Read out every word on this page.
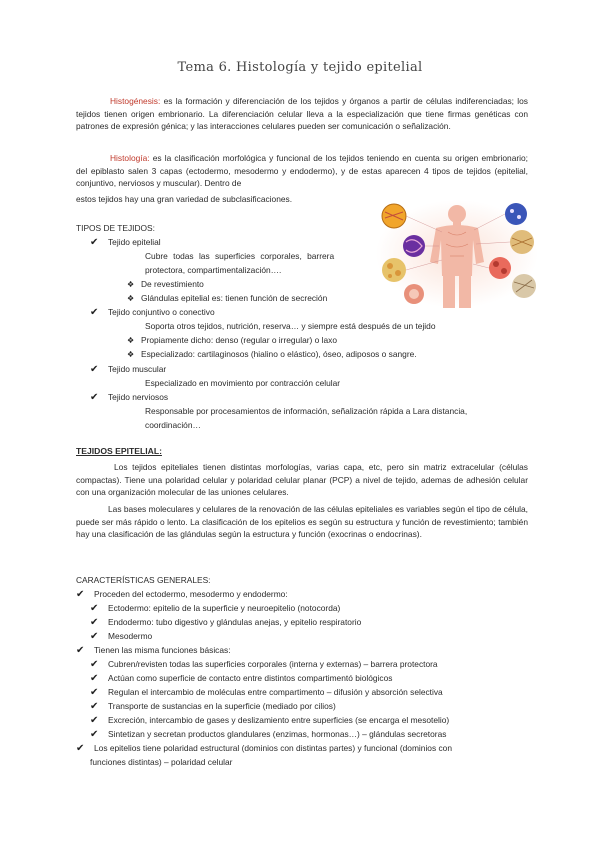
Tema 6. Histología y tejido epitelial
Histogénesis: es la formación y diferenciación de los tejidos y órganos a partir de células indiferenciadas; los tejidos tienen origen embrionario. La diferenciación celular lleva a la especialización que tiene firmas genéticas con patrones de expresión génica; y las interacciones celulares pueden ser comunicación o señalización.
Histología: es la clasificación morfológica y funcional de los tejidos teniendo en cuenta su origen embrionario; del epiblasto salen 3 capas (ectodermo, mesodermo y endodermo), y de estas aparecen 4 tipos de tejidos (epitelial, conjuntivo, nerviosos y muscular). Dentro de
estos tejidos hay una gran variedad de subclasificaciones.
TIPOS DE TEJIDOS:
✔ Tejido epitelial
Cubre todas las superficies corporales, barrera
protectora, compartimentalización….
❖ De revestimiento
❖ Glándulas epitelial es: tienen función de secreción
✔ Tejido conjuntivo o conectivo
Soporta otros tejidos, nutrición, reserva… y siempre está después de un tejido
❖ Propiamente dicho: denso (regular o irregular) o laxo
❖ Especializado: cartilaginosos (hialino o elástico), óseo, adiposos o sangre.
✔ Tejido muscular
Especializado en movimiento por contracción celular
✔ Tejido nerviosos
Responsable por procesamientos de información, señalización rápida a Lara distancia,
coordinación…
TEJIDOS EPITELIAL:
Los tejidos epiteliales tienen distintas morfologías, varias capa, etc, pero sin matriz extracelular (células compactas). Tiene una polaridad celular y polaridad celular planar (PCP) a nivel de tejido, ademas de adhesión celular con una organización molecular de las uniones celulares.
Las bases moleculares y celulares de la renovación de las células epiteliales es variables según el tipo de célula, puede ser más rápido o lento. La clasificación de los epitelios es según su estructura y función de revestimiento; también hay una clasificación de las glándulas según la estructura y función (exocrinas o endocrinas).
CARACTERÍSTICAS GENERALES:
✔ Proceden del ectodermo, mesodermo y endodermo:
✔ Ectodermo: epitelio de la superficie y neuroepitelio (notocorda)
✔ Endodermo: tubo digestivo y glándulas anejas, y epitelio respiratorio
✔ Mesodermo
✔ Tienen las misma funciones básicas:
✔ Cubren/revisten todas las superficies corporales (interna y externas) – barrera protectora
✔ Actúan como superficie de contacto entre distintos compartimentó biológicos
✔ Regulan el intercambio de moléculas entre compartimento – difusión y absorción selectiva
✔ Transporte de sustancias en la superficie (mediado por cilios)
✔ Excreción, intercambio de gases y deslizamiento entre superficies (se encarga el mesotelio)
✔ Sintetizan y secretan productos glandulares (enzimas, hormonas…) – glándulas secretoras
✔ Los epitelios tiene polaridad estructural (dominios con distintas partes) y funcional (dominios con
funciones distintas) – polaridad celular
